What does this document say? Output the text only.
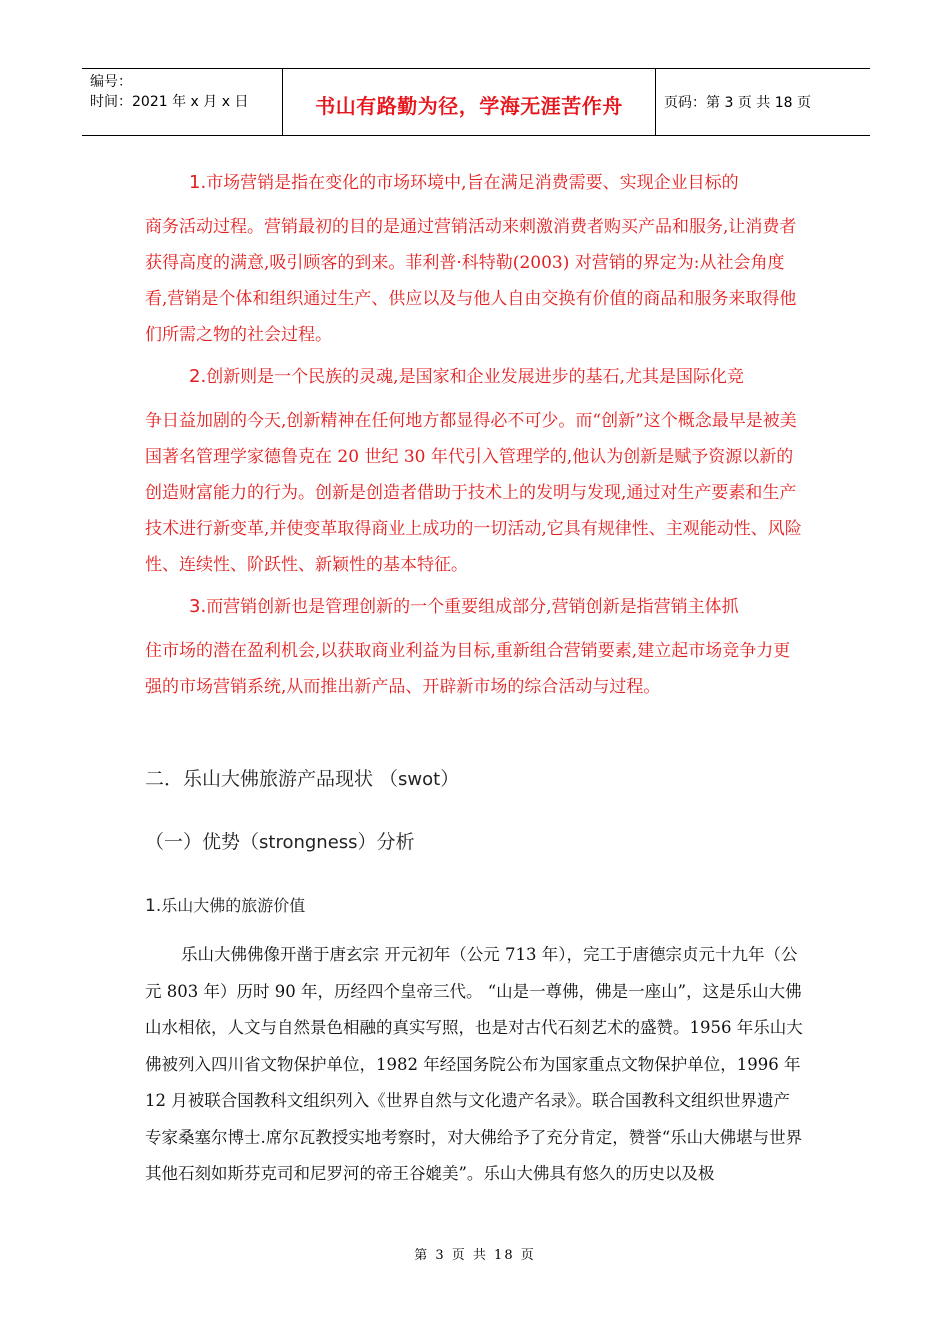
编号：
时间：2021 年 x 月 x 日	书山有路勤为径，学海无涯苦作舟	页码：第 3 页 共 18 页

1.市场营销是指在变化的市场环境中,旨在满足消费需要、实现企业目标的
商务活动过程。营销最初的目的是通过营销活动来刺激消费者购买产品和服务,让消费者获得高度的满意,吸引顾客的到来。菲利普·科特勒(2003) 对营销的界定为:从社会角度看,营销是个体和组织通过生产、供应以及与他人自由交换有价值的商品和服务来取得他们所需之物的社会过程。

2.创新则是一个民族的灵魂,是国家和企业发展进步的基石,尤其是国际化竞
争日益加剧的今天,创新精神在任何地方都显得必不可少。而“创新”这个概念最早是被美国著名管理学家德鲁克在 20 世纪 30 年代引入管理学的,他认为创新是赋予资源以新的创造财富能力的行为。创新是创造者借助于技术上的发明与发现,通过对生产要素和生产技术进行新变革,并使变革取得商业上成功的一切活动,它具有规律性、主观能动性、风险性、连续性、阶跃性、新颖性的基本特征。

3.而营销创新也是管理创新的一个重要组成部分,营销创新是指营销主体抓
住市场的潜在盈利机会,以获取商业利益为目标,重新组合营销要素,建立起市场竞争力更强的市场营销系统,从而推出新产品、开辟新市场的综合活动与过程。

二．乐山大佛旅游产品现状 （swot）
（一）优势（strongness）分析
1.乐山大佛的旅游价值
乐山大佛佛像开凿于唐玄宗 开元初年（公元 713 年），完工于唐德宗贞元十九年（公元 803 年）历时 90 年，历经四个皇帝三代。 “山是一尊佛，佛是一座山”，这是乐山大佛山水相依，人文与自然景色相融的真实写照，也是对古代石刻艺术的盛赞。1956 年乐山大佛被列入四川省文物保护单位，1982 年经国务院公布为国家重点文物保护单位，1996 年 12 月被联合国教科文组织列入《世界自然与文化遗产名录》。联合国教科文组织世界遗产专家桑塞尔博士.席尔瓦教授实地考察时，对大佛给予了充分肯定，赞誉“乐山大佛堪与世界其他石刻如斯芬克司和尼罗河的帝王谷媲美”。乐山大佛具有悠久的历史以及极
第 3 页 共 18 页
